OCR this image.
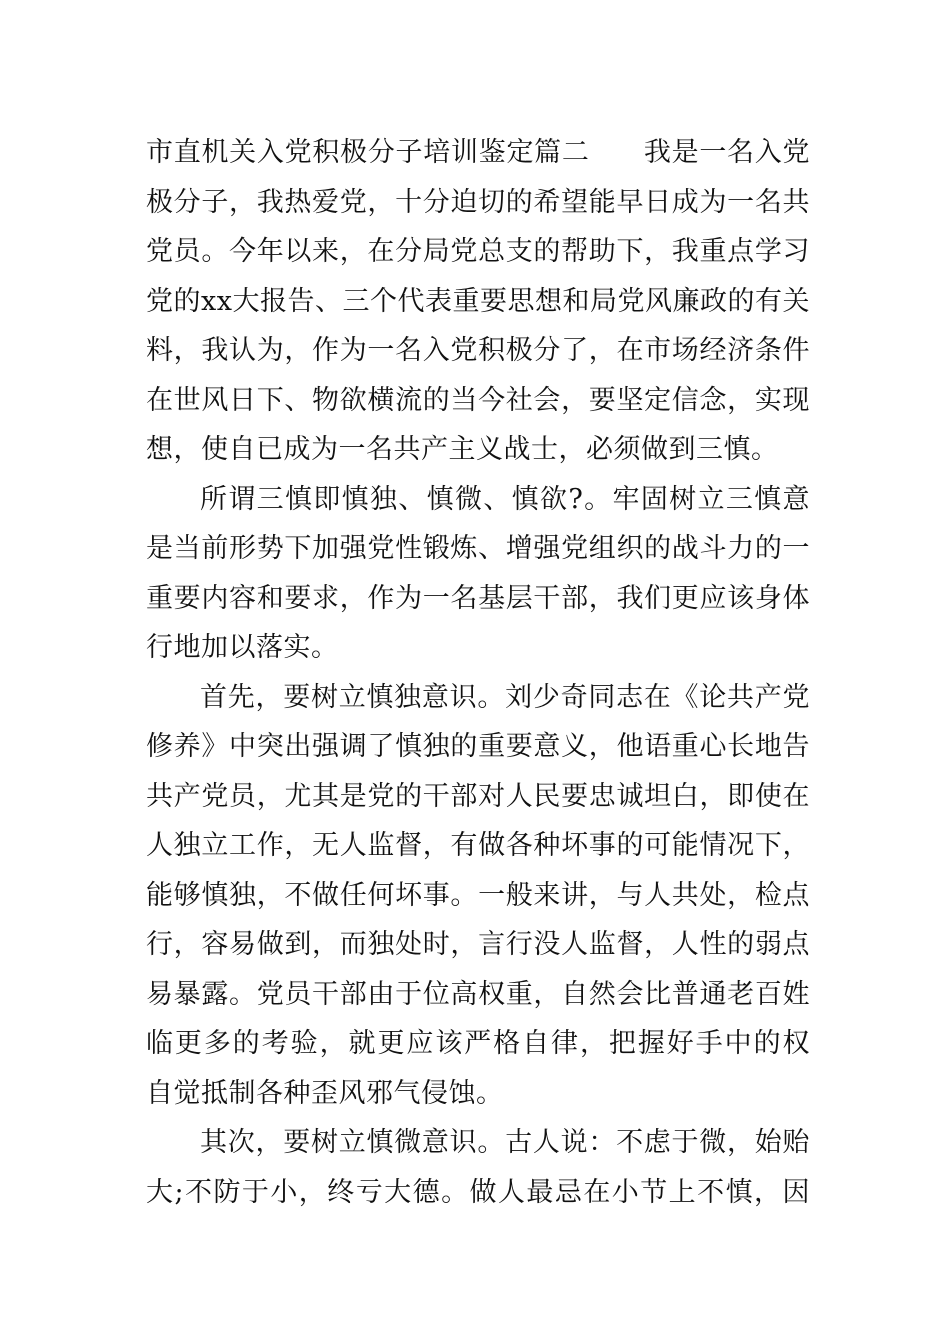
市直机关入党积极分子培训鉴定篇二 我是一名入党
极分子，我热爱党，十分迫切的希望能早日成为一名共
党员。今年以来，在分局党总支的帮助下，我重点学习
党的xx大报告、三个代表重要思想和局党风廉政的有关
料，我认为，作为一名入党积极分了，在市场经济条件
在世风日下、物欲横流的当今社会，要坚定信念，实现
想，使自已成为一名共产主义战士，必须做到三慎。
所谓三慎即慎独、慎微、慎欲?。牢固树立三慎意
是当前形势下加强党性锻炼、增强党组织的战斗力的一
重要内容和要求，作为一名基层干部，我们更应该身体
行地加以落实。
首先，要树立慎独意识。刘少奇同志在《论共产党
修养》中突出强调了慎独的重要意义，他语重心长地告
共产党员，尤其是党的干部对人民要忠诚坦白，即使在
人独立工作，无人监督，有做各种坏事的可能情况下，
能够慎独，不做任何坏事。一般来讲，与人共处，检点
行，容易做到，而独处时，言行没人监督，人性的弱点
易暴露。党员干部由于位高权重，自然会比普通老百姓
临更多的考验，就更应该严格自律，把握好手中的权
自觉抵制各种歪风邪气侵蚀。
其次，要树立慎微意识。古人说：不虑于微，始贻
大;不防于小，终亏大德。做人最忌在小节上不慎，因
